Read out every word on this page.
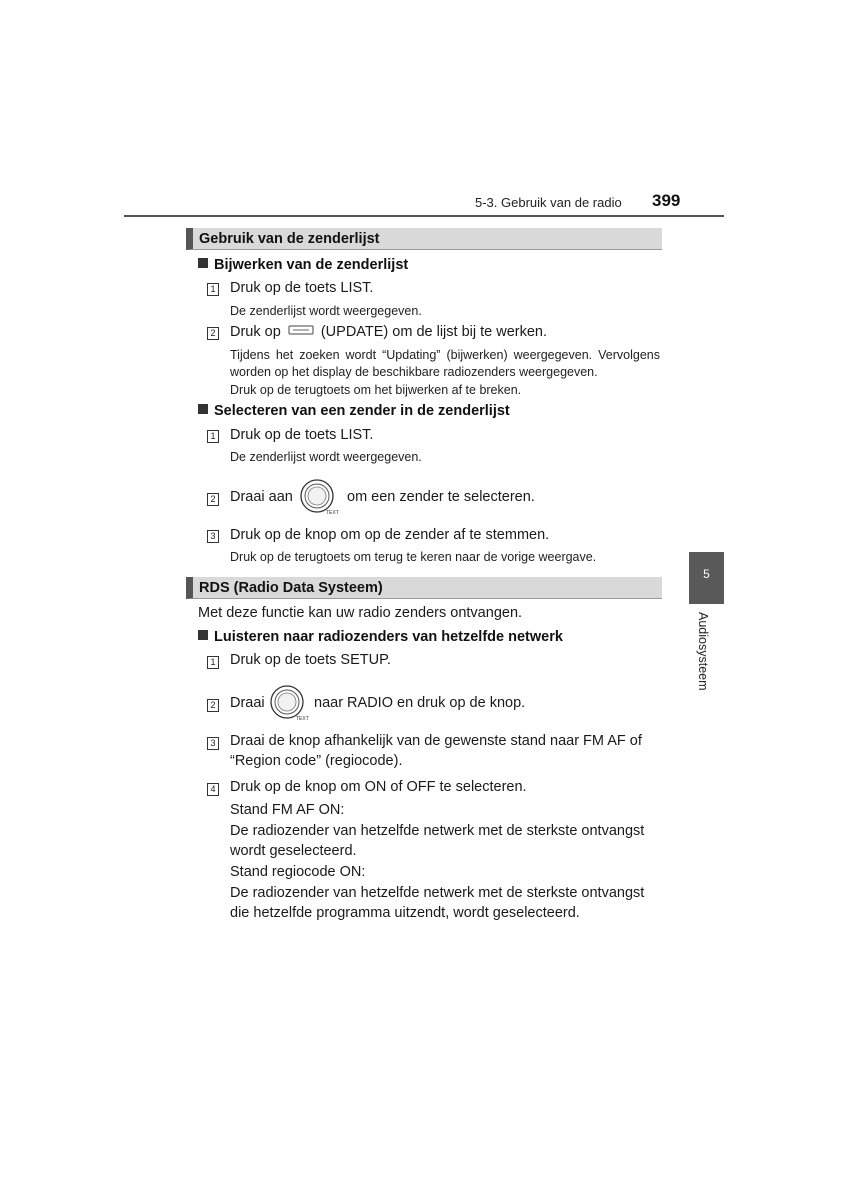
5-3. Gebruik van de radio 399
5
Audiosysteem
Gebruik van de zenderlijst
Bijwerken van de zenderlijst
1 Druk op de toets LIST.
De zenderlijst wordt weergegeven.
2 Druk op	(UPDATE) om de lijst bij te werken.
Tijdens het zoeken wordt “Updating” (bijwerken) weergegeven. Vervolgens worden op het display de beschikbare radiozenders weergegeven.
Druk op de terugtoets om het bijwerken af te breken.
Selecteren van een zender in de zenderlijst
1 Druk op de toets LIST.
De zenderlijst wordt weergegeven.
2 Draai aan
TEXT
om een zender te selecteren.
3 Druk op de knop om op de zender af te stemmen.
Druk op de terugtoets om terug te keren naar de vorige weergave.
RDS (Radio Data Systeem)
Met deze functie kan uw radio zenders ontvangen.
Luisteren naar radiozenders van hetzelfde netwerk
1 Druk op de toets SETUP.
2 Draai
TEXT
naar RADIO en druk op de knop.
3 Draai de knop afhankelijk van de gewenste stand naar FM AF of “Region code” (regiocode).
4 Druk op de knop om ON of OFF te selecteren.
Stand FM AF ON:
De radiozender van hetzelfde netwerk met de sterkste ontvangst wordt geselecteerd.
Stand regiocode ON:
De radiozender van hetzelfde netwerk met de sterkste ontvangst die hetzelfde programma uitzendt, wordt geselecteerd.
